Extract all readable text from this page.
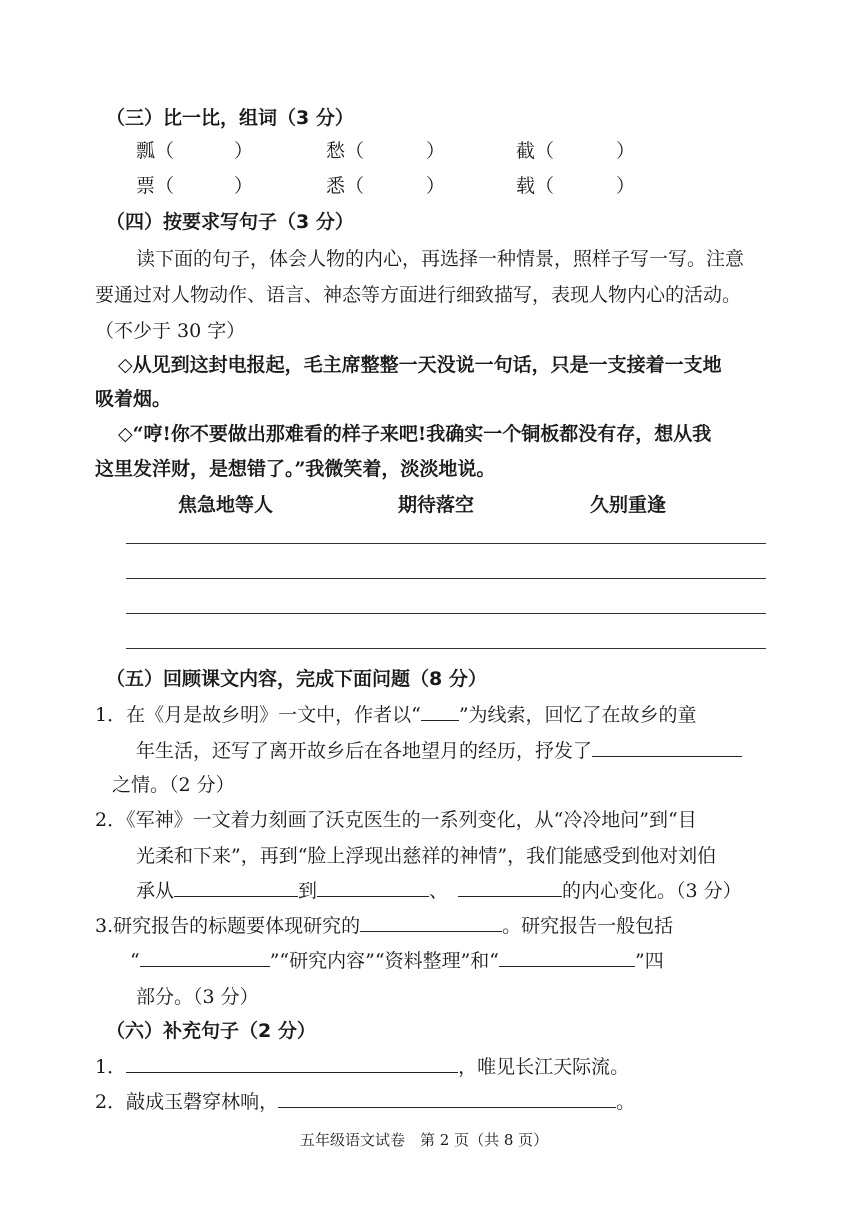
（三）比一比，组词（3 分）
瓢（	）	愁（	）	截（	）
票（	）	悉（	）	载（	）
（四）按要求写句子（3 分）
读下面的句子，体会人物的内心，再选择一种情景，照样子写一写。注意
要通过对人物动作、语言、神态等方面进行细致描写，表现人物内心的活动。
（不少于 30 字）
◇从见到这封电报起，毛主席整整一天没说一句话，只是一支接着一支地
吸着烟。
◇“哼!你不要做出那难看的样子来吧!我确实一个铜板都没有存，想从我
这里发洋财，是想错了。”我微笑着，淡淡地说。
焦急地等人	期待落空	久别重逢
（五）回顾课文内容，完成下面问题（8 分）
1．在《月是故乡明》一文中，作者以“ ”为线索，回忆了在故乡的童
年生活，还写了离开故乡后在各地望月的经历，抒发了
之情。（2 分）
2．《军神》一文着力刻画了沃克医生的一系列变化，从“冷冷地问”到“目
光柔和下来”，再到“脸上浮现出慈祥的神情”，我们能感受到他对刘伯
承从	到	、	的内心变化。（3 分）
3.研究报告的标题要体现研究的	。研究报告一般包括
“	”“研究内容”“资料整理”和“	”四
部分。（3 分）
（六）补充句子（2 分）
1．	，唯见长江天际流。
2．敲成玉磬穿林响，	。
五年级语文试卷　第 2 页（共 8 页）
